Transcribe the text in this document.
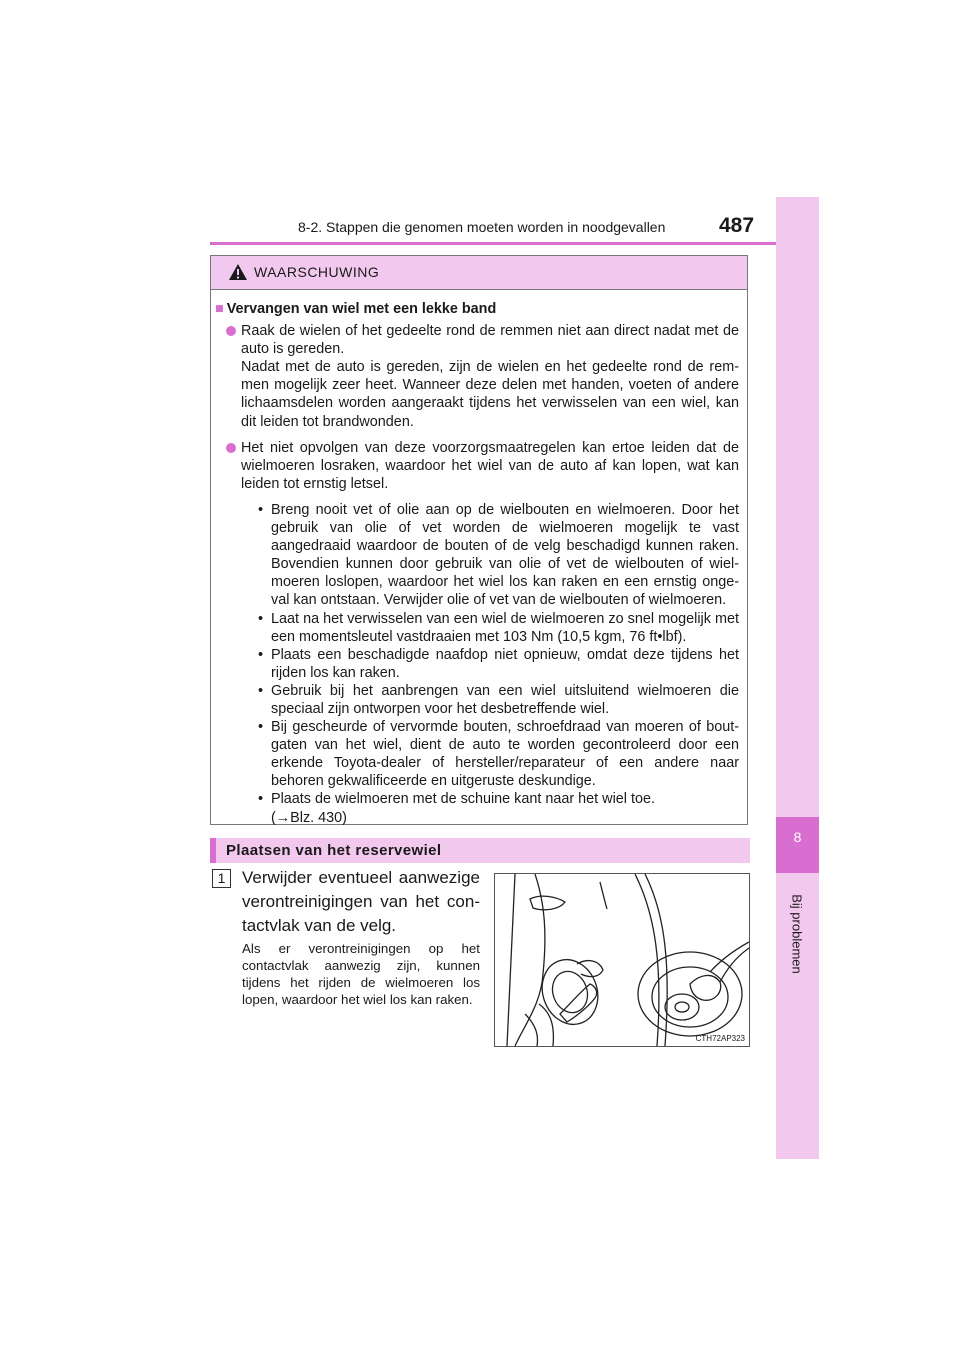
8-2. Stappen die genomen moeten worden in noodgevallen	487
8
Bij problemen
WAARSCHUWING

■ Vervangen van wiel met een lekke band

Raak de wielen of het gedeelte rond de remmen niet aan direct nadat met de auto is gereden.

Nadat met de auto is gereden, zijn de wielen en het gedeelte rond de rem-men mogelijk zeer heet. Wanneer deze delen met handen, voeten of andere lichaamsdelen worden aangeraakt tijdens het verwisselen van een wiel, kan dit leiden tot brandwonden.

Het niet opvolgen van deze voorzorgsmaatregelen kan ertoe leiden dat de wielmoeren losraken, waardoor het wiel van de auto af kan lopen, wat kan leiden tot ernstig letsel.

• Breng nooit vet of olie aan op de wielbouten en wielmoeren. Door het gebruik van olie of vet worden de wielmoeren mogelijk te vast aangedraaid waardoor de bouten of de velg beschadigd kunnen raken. Bovendien kunnen door gebruik van olie of vet de wielbouten of wiel-moeren loslopen, waardoor het wiel los kan raken en een ernstig onge-val kan ontstaan. Verwijder olie of vet van de wielbouten of wielmoeren.
• Laat na het verwisselen van een wiel de wielmoeren zo snel mogelijk met een momentsleutel vastdraaien met 103 Nm (10,5 kgm, 76 ft•lbf).
• Plaats een beschadigde naafdop niet opnieuw, omdat deze tijdens het rijden los kan raken.
• Gebruik bij het aanbrengen van een wiel uitsluitend wielmoeren die speciaal zijn ontworpen voor het desbetreffende wiel.
• Bij gescheurde of vervormde bouten, schroefdraad van moeren of bout-gaten van het wiel, dient de auto te worden gecontroleerd door een erkende Toyota-dealer of hersteller/reparateur of een andere naar behoren gekwalificeerde en uitgeruste deskundige.
• Plaats de wielmoeren met de schuine kant naar het wiel toe.
(→Blz. 430)
Plaatsen van het reservewiel
1 Verwijder eventueel aanwezige verontreinigingen van het con-tactvlak van de velg.
Als er verontreinigingen op het contactvlak aanwezig zijn, kunnen tijdens het rijden de wielmoeren los lopen, waardoor het wiel los kan raken.
CTH72AP323
